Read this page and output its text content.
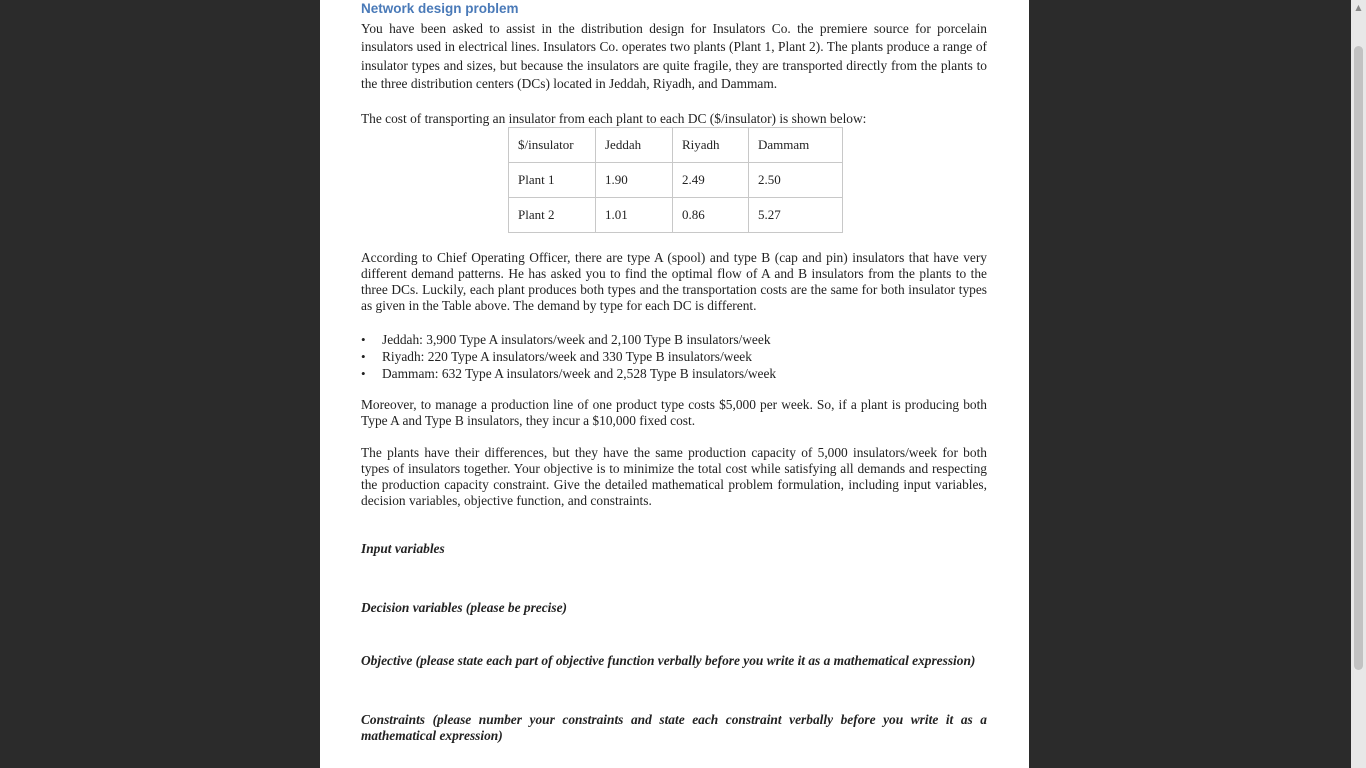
Network design problem

You have been asked to assist in the distribution design for Insulators Co. the premiere source for porcelain insulators used in electrical lines. Insulators Co. operates two plants (Plant 1, Plant 2). The plants produce a range of insulator types and sizes, but because the insulators are quite fragile, they are transported directly from the plants to the three distribution centers (DCs) located in Jeddah, Riyadh, and Dammam.

The cost of transporting an insulator from each plant to each DC ($/insulator) is shown below:

$/insulator	Jeddah	Riyadh	Dammam
Plant 1	1.90	2.49	2.50
Plant 2	1.01	0.86	5.27

According to Chief Operating Officer, there are type A (spool) and type B (cap and pin) insulators that have very different demand patterns. He has asked you to find the optimal flow of A and B insulators from the plants to the three DCs. Luckily, each plant produces both types and the transportation costs are the same for both insulator types as given in the Table above. The demand by type for each DC is different.

• Jeddah: 3,900 Type A insulators/week and 2,100 Type B insulators/week
• Riyadh: 220 Type A insulators/week and 330 Type B insulators/week
• Dammam: 632 Type A insulators/week and 2,528 Type B insulators/week

Moreover, to manage a production line of one product type costs $5,000 per week. So, if a plant is producing both Type A and Type B insulators, they incur a $10,000 fixed cost.

The plants have their differences, but they have the same production capacity of 5,000 insulators/week for both types of insulators together. Your objective is to minimize the total cost while satisfying all demands and respecting the production capacity constraint. Give the detailed mathematical problem formulation, including input variables, decision variables, objective function, and constraints.

Input variables

Decision variables (please be precise)

Objective (please state each part of objective function verbally before you write it as a mathematical expression)

Constraints (please number your constraints and state each constraint verbally before you write it as a mathematical expression)

▲
